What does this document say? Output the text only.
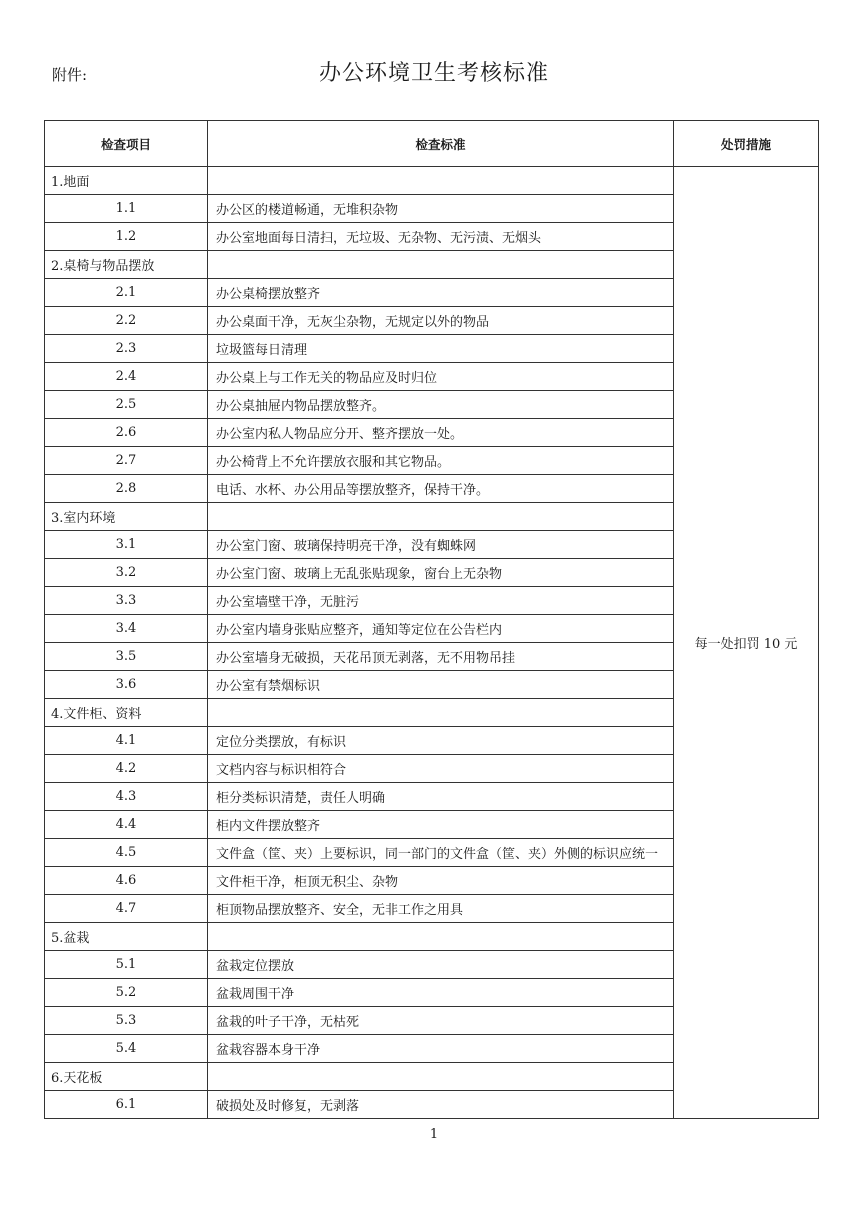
附件:	办公环境卫生考核标准
检查项目	检查标准	处罚措施
1.地面		每一处扣罚 10 元
1.1	办公区的楼道畅通，无堆积杂物	
1.2	办公室地面每日清扫，无垃圾、无杂物、无污渍、无烟头	
2.桌椅与物品摆放		
2.1	办公桌椅摆放整齐	
2.2	办公桌面干净，无灰尘杂物，无规定以外的物品	
2.3	垃圾篮每日清理	
2.4	办公桌上与工作无关的物品应及时归位	
2.5	办公桌抽屉内物品摆放整齐。	
2.6	办公室内私人物品应分开、整齐摆放一处。	
2.7	办公椅背上不允许摆放衣服和其它物品。	
2.8	电话、水杯、办公用品等摆放整齐，保持干净。	
3.室内环境		
3.1	办公室门窗、玻璃保持明亮干净，没有蜘蛛网	
3.2	办公室门窗、玻璃上无乱张贴现象，窗台上无杂物	
3.3	办公室墙壁干净，无脏污	
3.4	办公室内墙身张贴应整齐，通知等定位在公告栏内	
3.5	办公室墙身无破损，天花吊顶无剥落，无不用物吊挂	
3.6	办公室有禁烟标识	
4.文件柜、资料		
4.1	定位分类摆放，有标识	
4.2	文档内容与标识相符合	
4.3	柜分类标识清楚，责任人明确	
4.4	柜内文件摆放整齐	
4.5	文件盒（筐、夹）上要标识，同一部门的文件盒（筐、夹）外侧的标识应统一	
4.6	文件柜干净，柜顶无积尘、杂物	
4.7	柜顶物品摆放整齐、安全，无非工作之用具	
5.盆栽		
5.1	盆栽定位摆放	
5.2	盆栽周围干净	
5.3	盆栽的叶子干净，无枯死	
5.4	盆栽容器本身干净	
6.天花板		
6.1	破损处及时修复，无剥落	
1
